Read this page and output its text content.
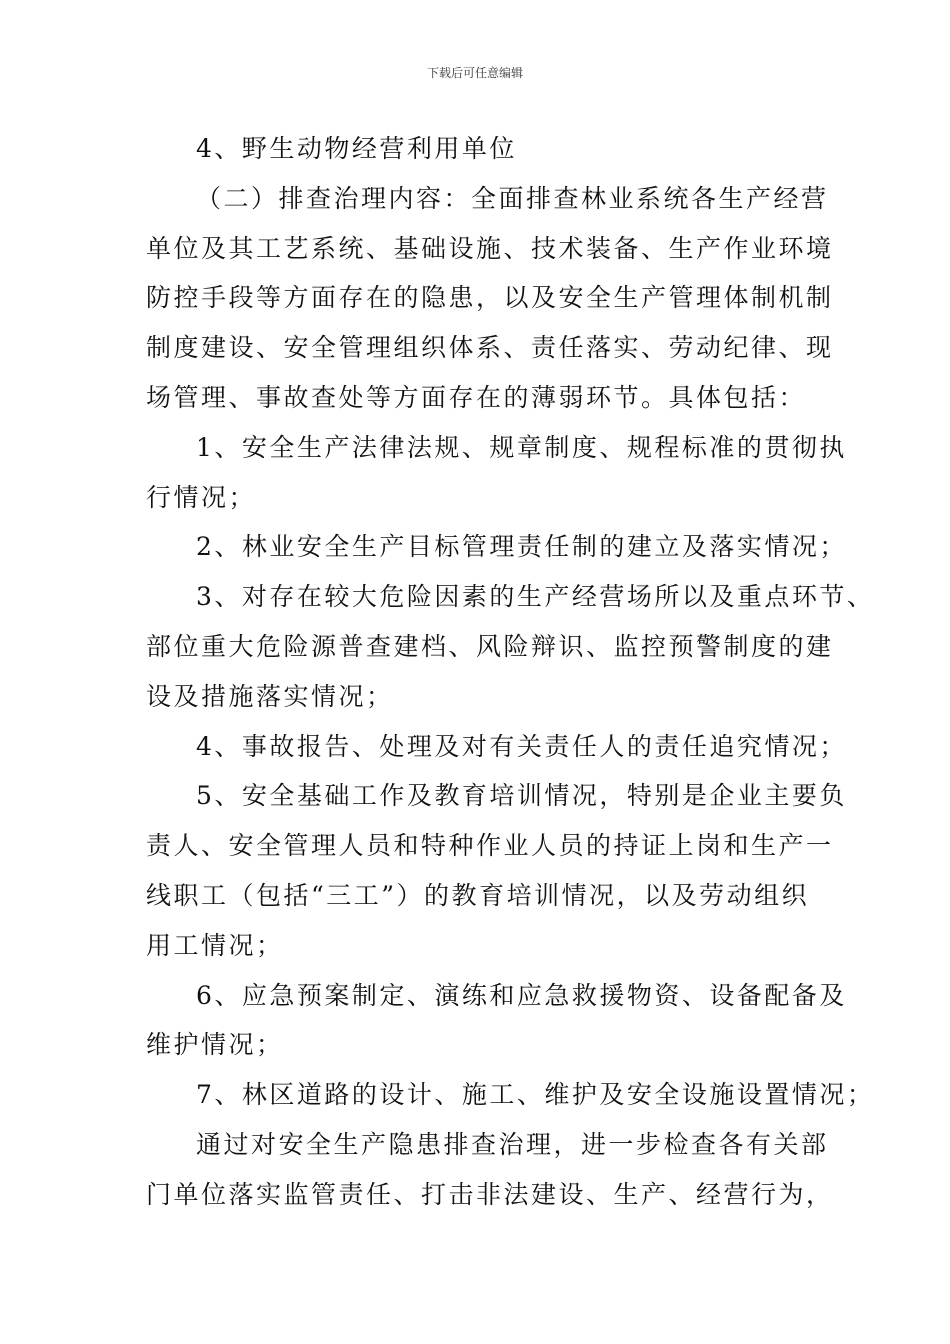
下载后可任意编辑
4、野生动物经营利用单位
（二）排查治理内容：全面排查林业系统各生产经营
单位及其工艺系统、基础设施、技术装备、生产作业环境
防控手段等方面存在的隐患，以及安全生产管理体制机制
制度建设、安全管理组织体系、责任落实、劳动纪律、现
场管理、事故查处等方面存在的薄弱环节。具体包括：
1、安全生产法律法规、规章制度、规程标准的贯彻执
行情况；
2、林业安全生产目标管理责任制的建立及落实情况；
3、对存在较大危险因素的生产经营场所以及重点环节、
部位重大危险源普查建档、风险辩识、监控预警制度的建
设及措施落实情况；
4、事故报告、处理及对有关责任人的责任追究情况；
5、安全基础工作及教育培训情况，特别是企业主要负
责人、安全管理人员和特种作业人员的持证上岗和生产一
线职工（包括“三工”）的教育培训情况，以及劳动组织
用工情况；
6、应急预案制定、演练和应急救援物资、设备配备及
维护情况；
7、林区道路的设计、施工、维护及安全设施设置情况；
通过对安全生产隐患排查治理，进一步检查各有关部
门单位落实监管责任、打击非法建设、生产、经营行为，
